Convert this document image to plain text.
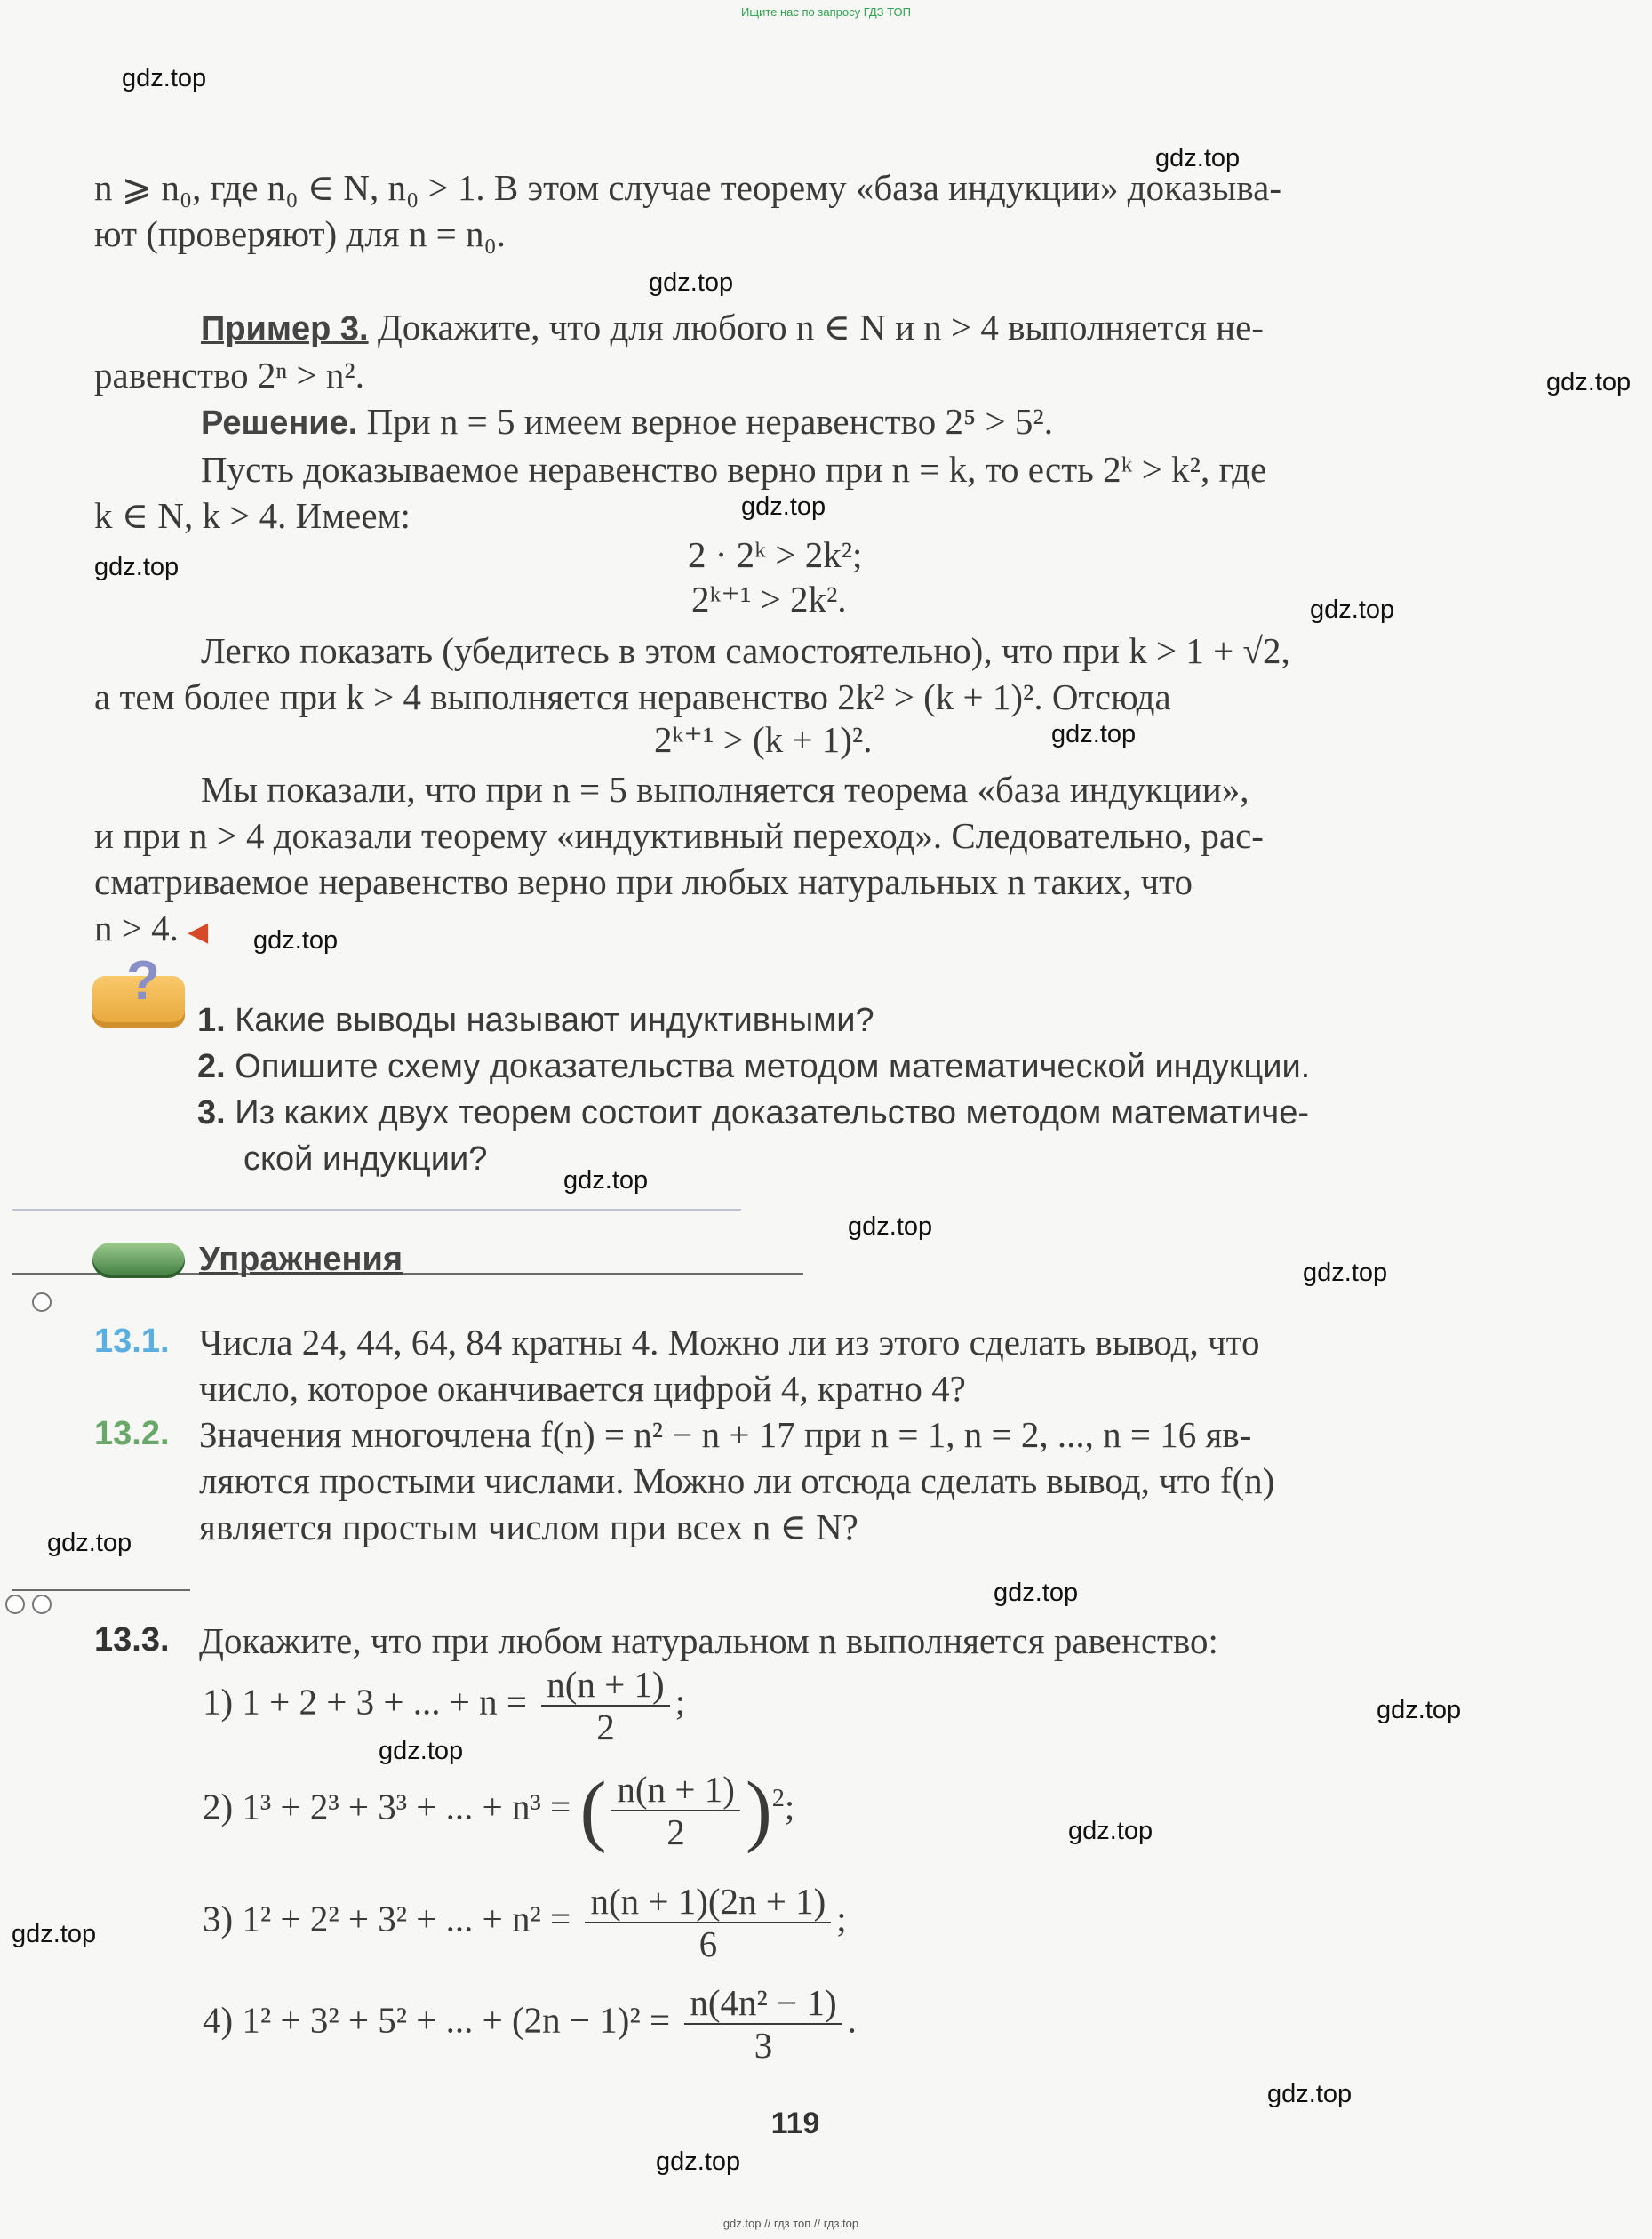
Ищите нас по запросу ГДЗ ТОП
gdz.top
gdz.top
gdz.top
gdz.top
gdz.top
gdz.top
gdz.top
gdz.top
gdz.top
gdz.top
gdz.top
gdz.top
gdz.top
gdz.top
gdz.top
gdz.top
gdz.top
gdz.top
gdz.top
gdz.top
n ⩾ n₀, где n₀ ∈ N, n₀ > 1. В этом случае теорему «база индукции» доказыва-
ют (проверяют) для n = n₀.
Пример 3. Докажите, что для любого n ∈ N и n > 4 выполняется не-
равенство 2ⁿ > n².
Решение. При n = 5 имеем верное неравенство 2⁵ > 5².
Пусть доказываемое неравенство верно при n = k, то есть 2ᵏ > k², где
k ∈ N, k > 4. Имеем:
2 · 2ᵏ > 2k²;
2ᵏ⁺¹ > 2k².
Легко показать (убедитесь в этом самостоятельно), что при k > 1 + √2,
а тем более при k > 4 выполняется неравенство 2k² > (k + 1)². Отсюда
2ᵏ⁺¹ > (k + 1)².
Мы показали, что при n = 5 выполняется теорема «база индукции»,
и при n > 4 доказали теорему «индуктивный переход». Следовательно, рас-
сматриваемое неравенство верно при любых натуральных n таких, что
n > 4. ◀
?
1. Какие выводы называют индуктивными?
2. Опишите схему доказательства методом математической индукции.
3. Из каких двух теорем состоит доказательство методом математиче-
ской индукции?
Упражнения
13.1. Числа 24, 44, 64, 84 кратны 4. Можно ли из этого сделать вывод, что
число, которое оканчивается цифрой 4, кратно 4?
13.2. Значения многочлена f(n) = n² − n + 17 при n = 1, n = 2, ..., n = 16 яв-
ляются простыми числами. Можно ли отсюда сделать вывод, что f(n)
является простым числом при всех n ∈ N?
13.3. Докажите, что при любом натуральном n выполняется равенство:
1) 1 + 2 + 3 + ... + $n = \frac{n(n + 1)}{2}$ ;
2) 1³ + 2³ + 3³ + ... + n³ = ( $\frac{n(n + 1)}{2} )^2$;
3) 1² + 2² + 3² + ... + $n^2 = \frac{n(n + 1)(2n + 1)}{6}$ ;
4) 1² + 3² + 5² + ... + $(2n - 1)^2 = \frac{\text{n(4n² − 1)}}{3}$ .
119
gdz.top // гдз топ // гдз.top
